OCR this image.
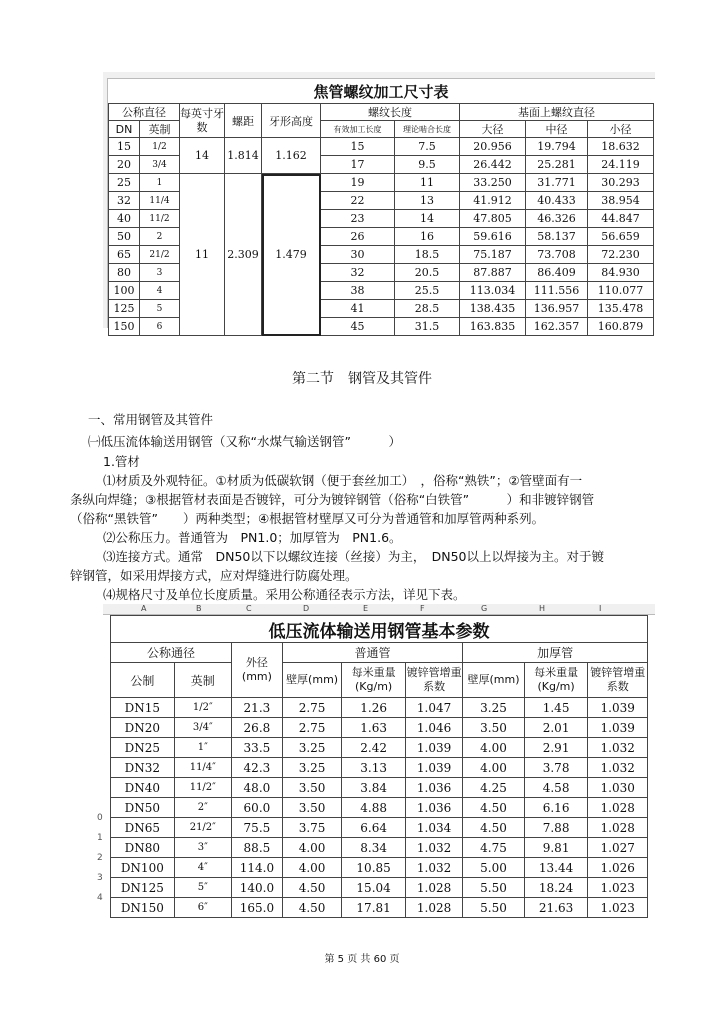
焦管螺纹加工尺寸表									
公称直径		每英寸牙数	螺距	牙形高度	螺纹长度		基面上螺纹直径		
DN	英制				有效加工长度	理论啮合长度	大径	中径	小径
15	1/2	14	1.814	1.162	15	7.5	20.956	19.794	18.632
20	3/4				17	9.5	26.442	25.281	24.119
25	1	11	2.309	1.479	19	11	33.250	31.771	30.293
32	11/4				22	13	41.912	40.433	38.954
40	11/2				23	14	47.805	46.326	44.847
50	2				26	16	59.616	58.137	56.659
65	21/2				30	18.5	75.187	73.708	72.230
80	3				32	20.5	87.887	86.409	84.930
100	4				38	25.5	113.034	111.556	110.077
125	5				41	28.5	138.435	136.957	135.478
150	6				45	31.5	163.835	162.357	160.879
第二节　钢管及其管件
一、常用钢管及其管件
㈠低压流体输送用钢管（又称“水煤气输送钢管”　　　）
1.管材
⑴材质及外观特征。①材质为低碳软钢（便于套丝加工）　，俗称“熟铁”；②管壁面有一
条纵向焊缝；③根据管材表面是否镀锌，可分为镀锌钢管（俗称“白铁管”　　　）和非镀锌钢管
（俗称“黑铁管”　　）两种类型；④根据管材壁厚又可分为普通管和加厚管两种系列。
⑵公称压力。普通管为　PN1.0；加厚管为　PN1.6。
⑶连接方式。通常　DN50以下以螺纹连接（丝接）为主，　DN50以上以焊接为主。对于镀
锌钢管，如采用焊接方式，应对焊缝进行防腐处理。
⑷规格尺寸及单位长度质量。采用公称通径表示方法，详见下表。
A	B	C	D	E	F	G	H	I
低压流体输送用钢管基本参数								
公称通径		外径(mm)	普通管			加厚管		
公制	英制		壁厚(mm)	每米重量(Kg/m)	镀锌管增重系数	壁厚(mm)	每米重量(Kg/m)	镀锌管增重系数
DN15	1/2″	21.3	2.75	1.26	1.047	3.25	1.45	1.039
DN20	3/4″	26.8	2.75	1.63	1.046	3.50	2.01	1.039
DN25	1″	33.5	3.25	2.42	1.039	4.00	2.91	1.032
DN32	11/4″	42.3	3.25	3.13	1.039	4.00	3.78	1.032
DN40	11/2″	48.0	3.50	3.84	1.036	4.25	4.58	1.030
DN50	2″	60.0	3.50	4.88	1.036	4.50	6.16	1.028
DN65	21/2″	75.5	3.75	6.64	1.034	4.50	7.88	1.028
DN80	3″	88.5	4.00	8.34	1.032	4.75	9.81	1.027
DN100	4″	114.0	4.00	10.85	1.032	5.00	13.44	1.026
DN125	5″	140.0	4.50	15.04	1.028	5.50	18.24	1.023
DN150	6″	165.0	4.50	17.81	1.028	5.50	21.63	1.023
0
1
2
3
4
第 5 页 共 60 页
